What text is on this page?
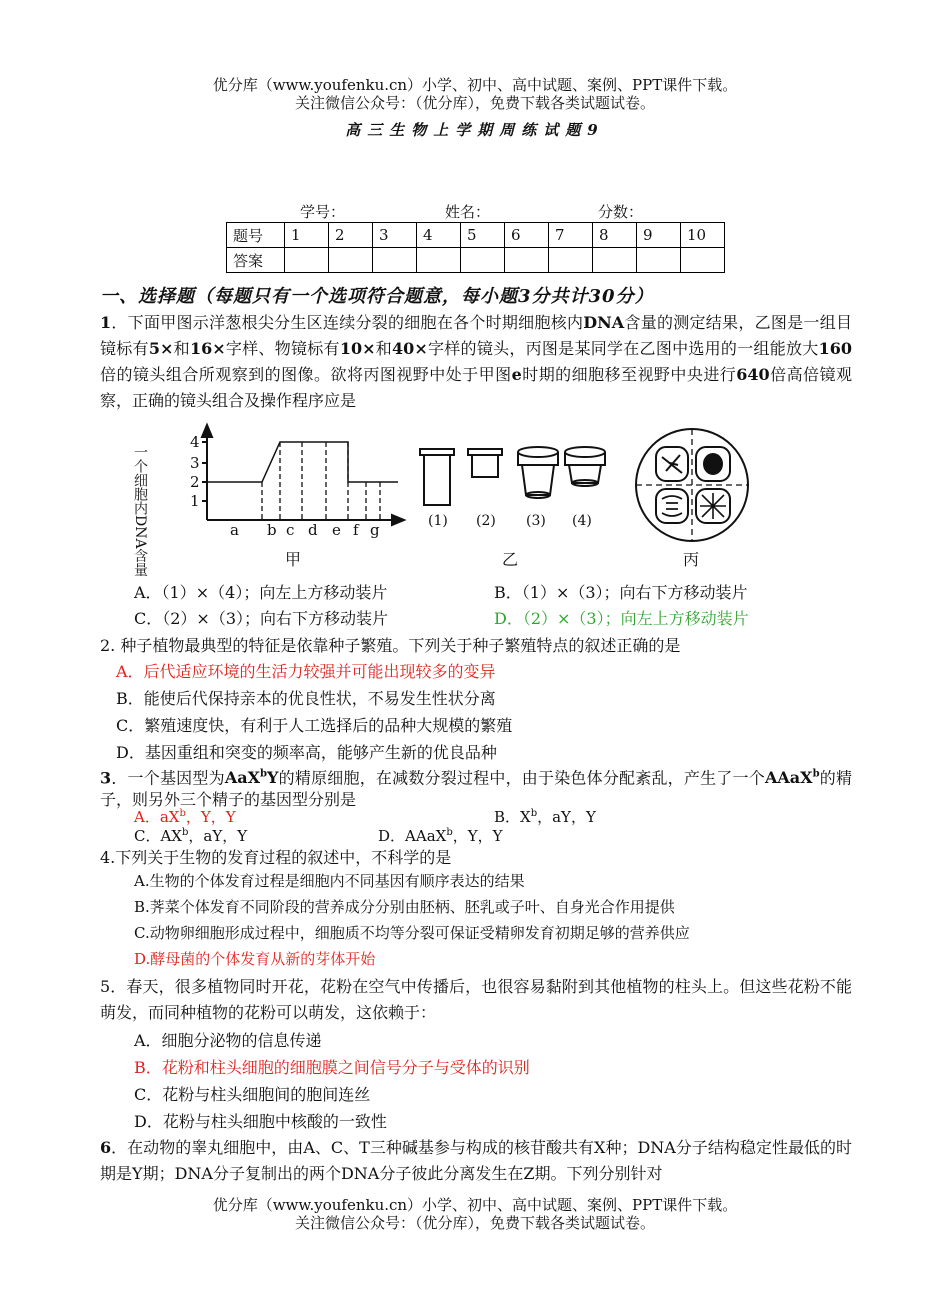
优分库（www.youfenku.cn）小学、初中、高中试题、案例、PPT课件下载。
关注微信公众号：（优分库），免费下载各类试题试卷。
高三生物上学期周练试题9
学号：	姓名：	分数：
题号	1	2	3	4	5	6	7	8	9	10
答案										
一、选择题（每题只有一个选项符合题意，每小题3分共计30分）
1．下面甲图示洋葱根尖分生区连续分裂的细胞在各个时期细胞核内DNA含量的测定结果，乙图是一组目镜标有5×和16×字样、物镜标有10×和40×字样的镜头，丙图是某同学在乙图中选用的一组能放大160倍的镜头组合所观察到的图像。欲将丙图视野中处于甲图e时期的细胞移至视野中央进行640倍高倍镜观察，正确的镜头组合及操作程序应是
一个细胞内DNA含量	1
2
3
4
a b c d e f g
甲
(1) (2) (3) (4)
乙	丙
A．（1）×（4）；向左上方移动装片	B．（1）×（3）；向右下方移动装片
C．（2）×（3）；向右下方移动装片	D．（2）×（3）；向左上方移动装片
2. 种子植物最典型的特征是依靠种子繁殖。下列关于种子繁殖特点的叙述正确的是
A．后代适应环境的生活力较强并可能出现较多的变异
B．能使后代保持亲本的优良性状，不易发生性状分离
C．繁殖速度快，有利于人工选择后的品种大规模的繁殖
D．基因重组和突变的频率高，能够产生新的优良品种
3．一个基因型为AaX$^b$Y的精原细胞，在减数分裂过程中，由于染色体分配紊乱，产生了一个AAaX$^b$的精子，则另外三个精子的基因型分别是
A．$aX^b$，Y，Y	B．$X^b$，aY，Y
C．$AX^b$，aY，Y	D．AAaX$^b$，Y，Y
4.下列关于生物的发育过程的叙述中，不科学的是
A.生物的个体发育过程是细胞内不同基因有顺序表达的结果
B.荠菜个体发育不同阶段的营养成分分别由胚柄、胚乳或子叶、自身光合作用提供
C.动物卵细胞形成过程中，细胞质不均等分裂可保证受精卵发育初期足够的营养供应
D.酵母菌的个体发育从新的芽体开始
5．春天，很多植物同时开花，花粉在空气中传播后，也很容易黏附到其他植物的柱头上。但这些花粉不能萌发，而同种植物的花粉可以萌发，这依赖于：
A．细胞分泌物的信息传递
B．花粉和柱头细胞的细胞膜之间信号分子与受体的识别
C．花粉与柱头细胞间的胞间连丝
D．花粉与柱头细胞中核酸的一致性
6．在动物的睾丸细胞中，由A、C、T三种碱基参与构成的核苷酸共有X种；DNA分子结构稳定性最低的时期是Y期；DNA分子复制出的两个DNA分子彼此分离发生在Z期。下列分别针对
优分库（www.youfenku.cn）小学、初中、高中试题、案例、PPT课件下载。
关注微信公众号：（优分库），免费下载各类试题试卷。
